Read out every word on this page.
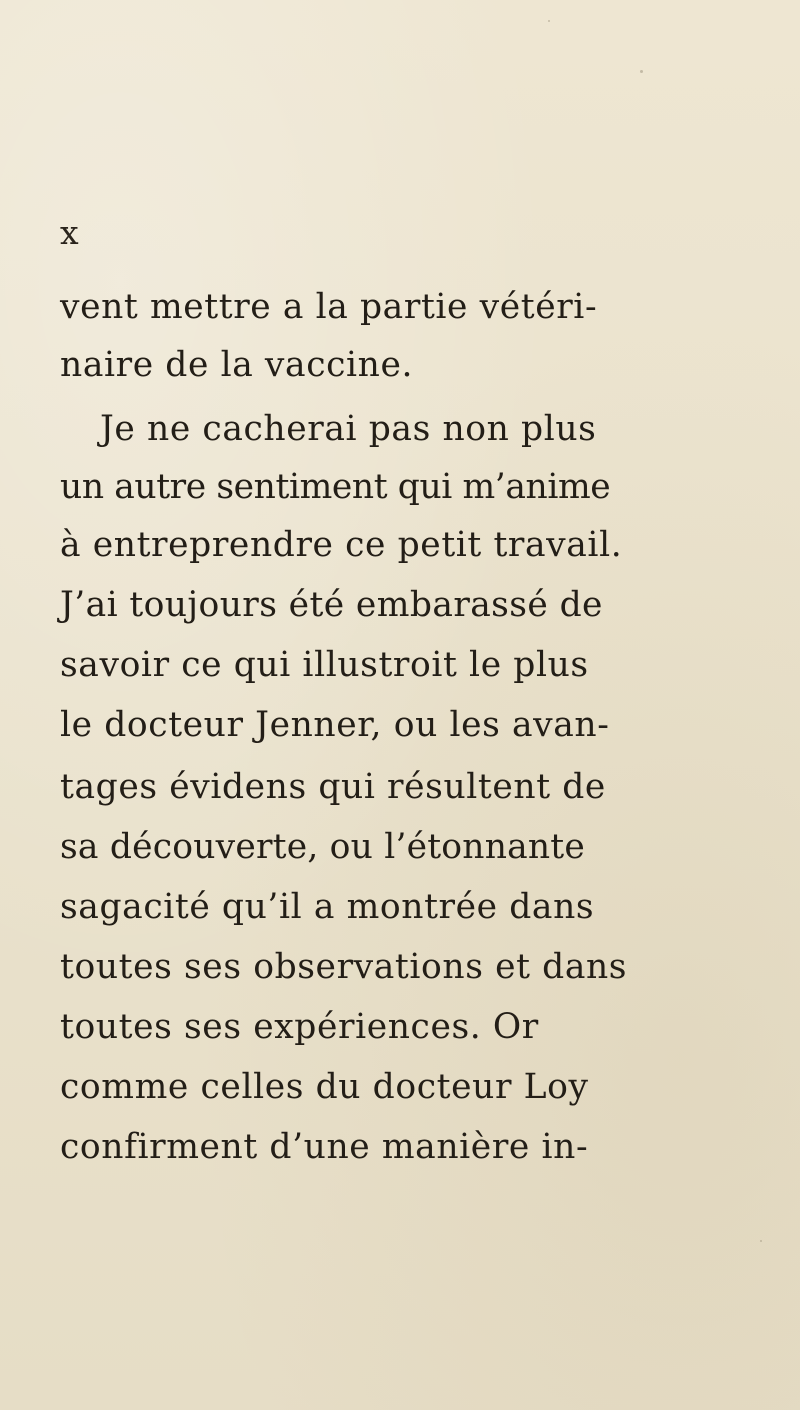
x

vent mettre a la partie vétéri-

naire de la vaccine.

Je ne cacherai pas non plus

un autre sentiment qui m’anime

à entreprendre ce petit travail.

J’ai toujours été embarassé de

savoir ce qui illustroit le plus

le docteur Jenner, ou les avan-

tages évidens qui résultent de

sa découverte, ou l’étonnante

sagacité qu’il a montrée dans

toutes ses observations et dans

toutes ses expériences. Or

comme celles du docteur Loy

confirment d’une manière in-
